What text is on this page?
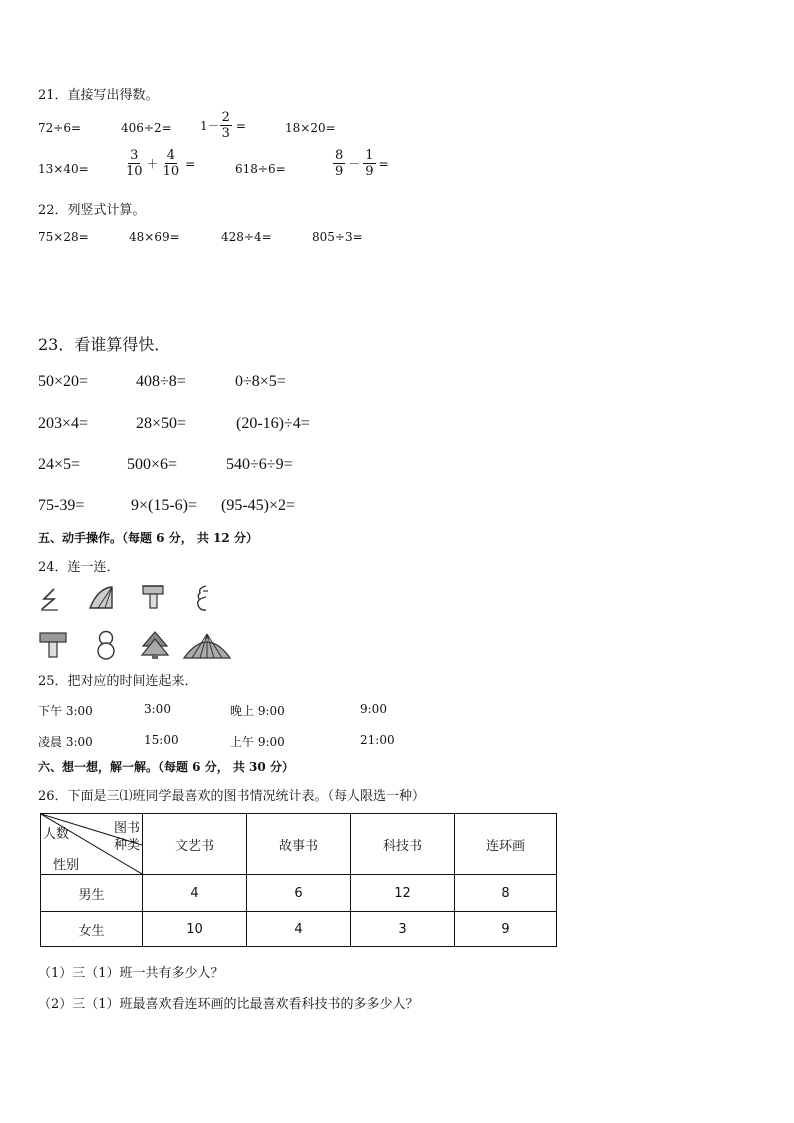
21．直接写出得数。
72÷6=	$406\div 2= 1- \frac{2}{3}$ =	18×20=
13×40=	$\frac{3}{10} + \frac{4}{10}$ =	618÷6=	$\frac{8}{9} - \frac{1}{9}$ =
22．列竖式计算。
75×28=	48×69=	428÷4=	805÷3=
23．看谁算得快．
50×20=	408÷8=	0÷8×5=
203×4=	28×50=	(20-16)÷4=
24×5=	500×6=	540÷6÷9=
75-39=	9×(15-6)= (95-45)×2=
五、动手操作。（每题 6 分， 共 12 分）
24．连一连．
25．把对应的时间连起来．
下午 3:00	3:00	晚上 9:00	9:00
凌晨 3:00	15:00	上午 9:00	21:00
六、想一想，解一解。（每题 6 分， 共 30 分）
26．下面是三⑴班同学最喜欢的图书情况统计表。（每人限选一种）
图书
种类
人数
性别	文艺书	故事书	科技书	连环画
男生	4	6	12	8
女生	10	4	3	9
（1）三（1）班一共有多少人？
（2）三（1）班最喜欢看连环画的比最喜欢看科技书的多多少人？
